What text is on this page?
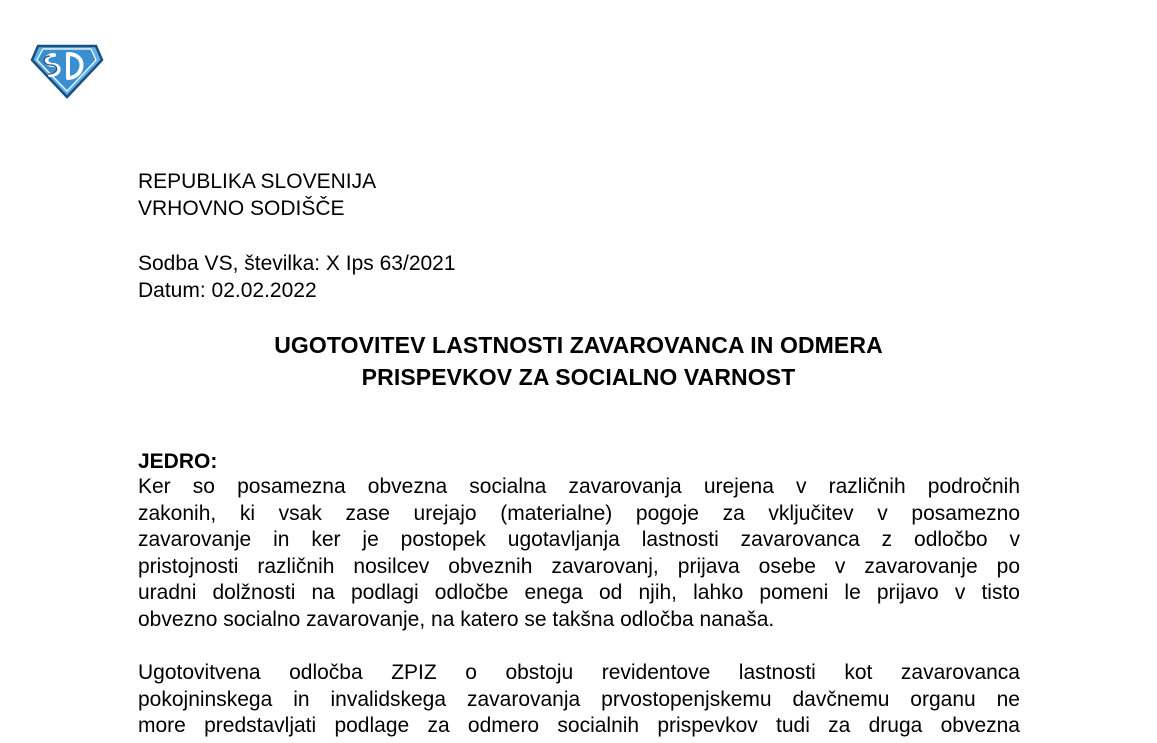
REPUBLIKA SLOVENIJA
VRHOVNO SODIŠČE
Sodba VS, številka: X Ips 63/2021
Datum: 02.02.2022
UGOTOVITEV LASTNOSTI ZAVAROVANCA IN ODMERA
PRISPEVKOV ZA SOCIALNO VARNOST
JEDRO:
Ker so posamezna obvezna socialna zavarovanja urejena v različnih področnih
zakonih, ki vsak zase urejajo (materialne) pogoje za vključitev v posamezno
zavarovanje in ker je postopek ugotavljanja lastnosti zavarovanca z odločbo v
pristojnosti različnih nosilcev obveznih zavarovanj, prijava osebe v zavarovanje po
uradni dolžnosti na podlagi odločbe enega od njih, lahko pomeni le prijavo v tisto
obvezno socialno zavarovanje, na katero se takšna odločba nanaša.
Ugotovitvena odločba ZPIZ o obstoju revidentove lastnosti kot zavarovanca
pokojninskega in invalidskega zavarovanja prvostopenjskemu davčnemu organu ne
more predstavljati podlage za odmero socialnih prispevkov tudi za druga obvezna
